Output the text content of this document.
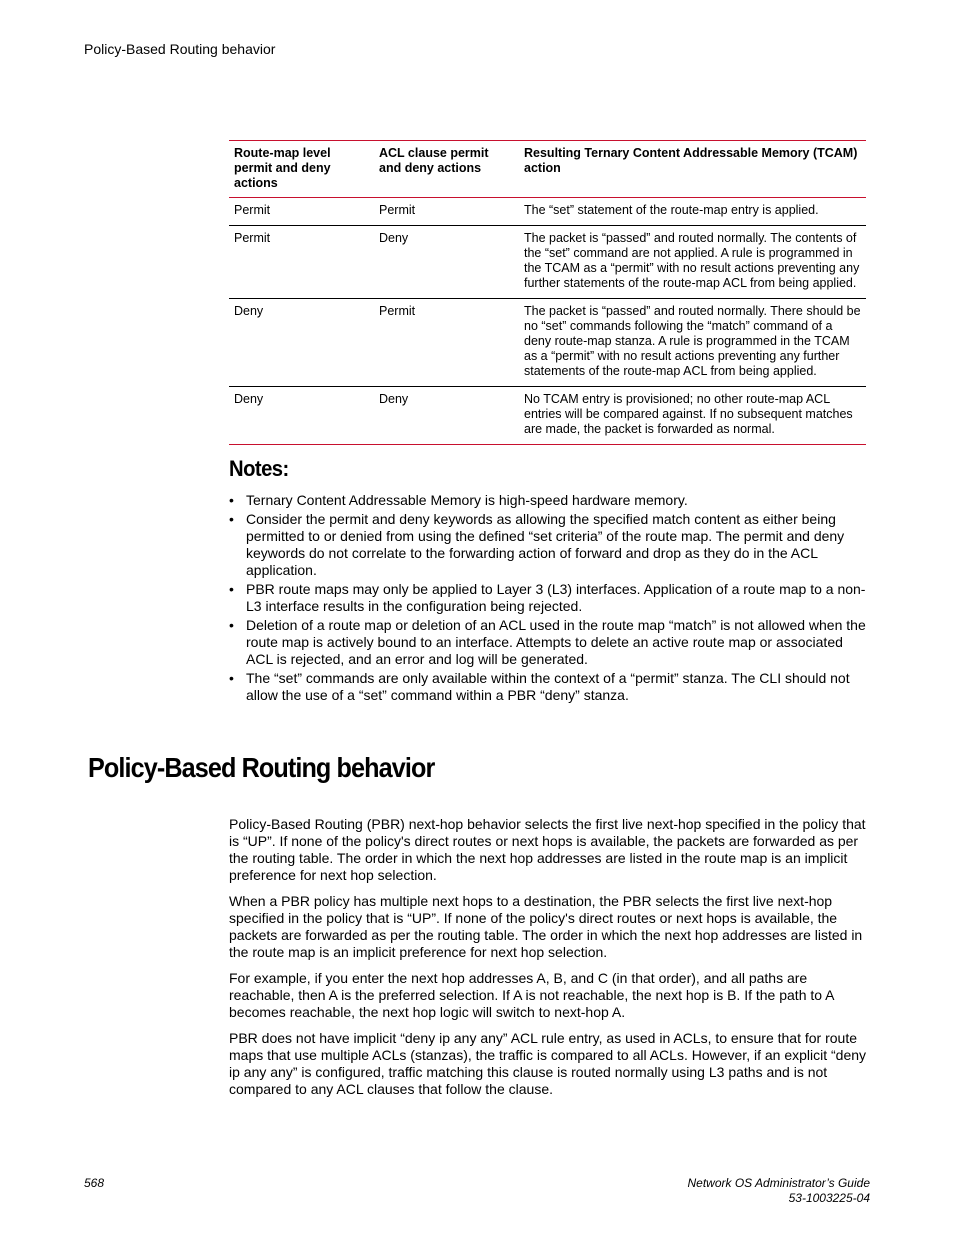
Policy-Based Routing behavior
Route-map level permit and deny actions	ACL clause permit and deny actions	Resulting Ternary Content Addressable Memory (TCAM) action
Permit	Permit	The “set” statement of the route-map entry is applied.
Permit	Deny	The packet is “passed” and routed normally. The contents of the “set” command are not applied. A rule is programmed in the TCAM as a “permit” with no result actions preventing any further statements of the route-map ACL from being applied.
Deny	Permit	The packet is “passed” and routed normally. There should be no “set” commands following the “match” command of a deny route-map stanza. A rule is programmed in the TCAM as a “permit” with no result actions preventing any further statements of the route-map ACL from being applied.
Deny	Deny	No TCAM entry is provisioned; no other route-map ACL entries will be compared against. If no subsequent matches are made, the packet is forwarded as normal.
Notes:
• Ternary Content Addressable Memory is high-speed hardware memory.
• Consider the permit and deny keywords as allowing the specified match content as either being permitted to or denied from using the defined “set criteria” of the route map. The permit and deny keywords do not correlate to the forwarding action of forward and drop as they do in the ACL application.
• PBR route maps may only be applied to Layer 3 (L3) interfaces. Application of a route map to a non-L3 interface results in the configuration being rejected.
• Deletion of a route map or deletion of an ACL used in the route map “match” is not allowed when the route map is actively bound to an interface. Attempts to delete an active route map or associated ACL is rejected, and an error and log will be generated.
• The “set” commands are only available within the context of a “permit” stanza. The CLI should not allow the use of a “set” command within a PBR “deny” stanza.
Policy-Based Routing behavior

Policy-Based Routing (PBR) next-hop behavior selects the first live next-hop specified in the policy that is “UP”. If none of the policy's direct routes or next hops is available, the packets are forwarded as per the routing table. The order in which the next hop addresses are listed in the route map is an implicit preference for next hop selection.

When a PBR policy has multiple next hops to a destination, the PBR selects the first live next-hop specified in the policy that is “UP”. If none of the policy's direct routes or next hops is available, the packets are forwarded as per the routing table. The order in which the next hop addresses are listed in the route map is an implicit preference for next hop selection.

For example, if you enter the next hop addresses A, B, and C (in that order), and all paths are reachable, then A is the preferred selection. If A is not reachable, the next hop is B. If the path to A becomes reachable, the next hop logic will switch to next-hop A.

PBR does not have implicit “deny ip any any” ACL rule entry, as used in ACLs, to ensure that for route maps that use multiple ACLs (stanzas), the traffic is compared to all ACLs. However, if an explicit “deny ip any any” is configured, traffic matching this clause is routed normally using L3 paths and is not compared to any ACL clauses that follow the clause.

568	Network OS Administrator’s Guide
53-1003225-04
